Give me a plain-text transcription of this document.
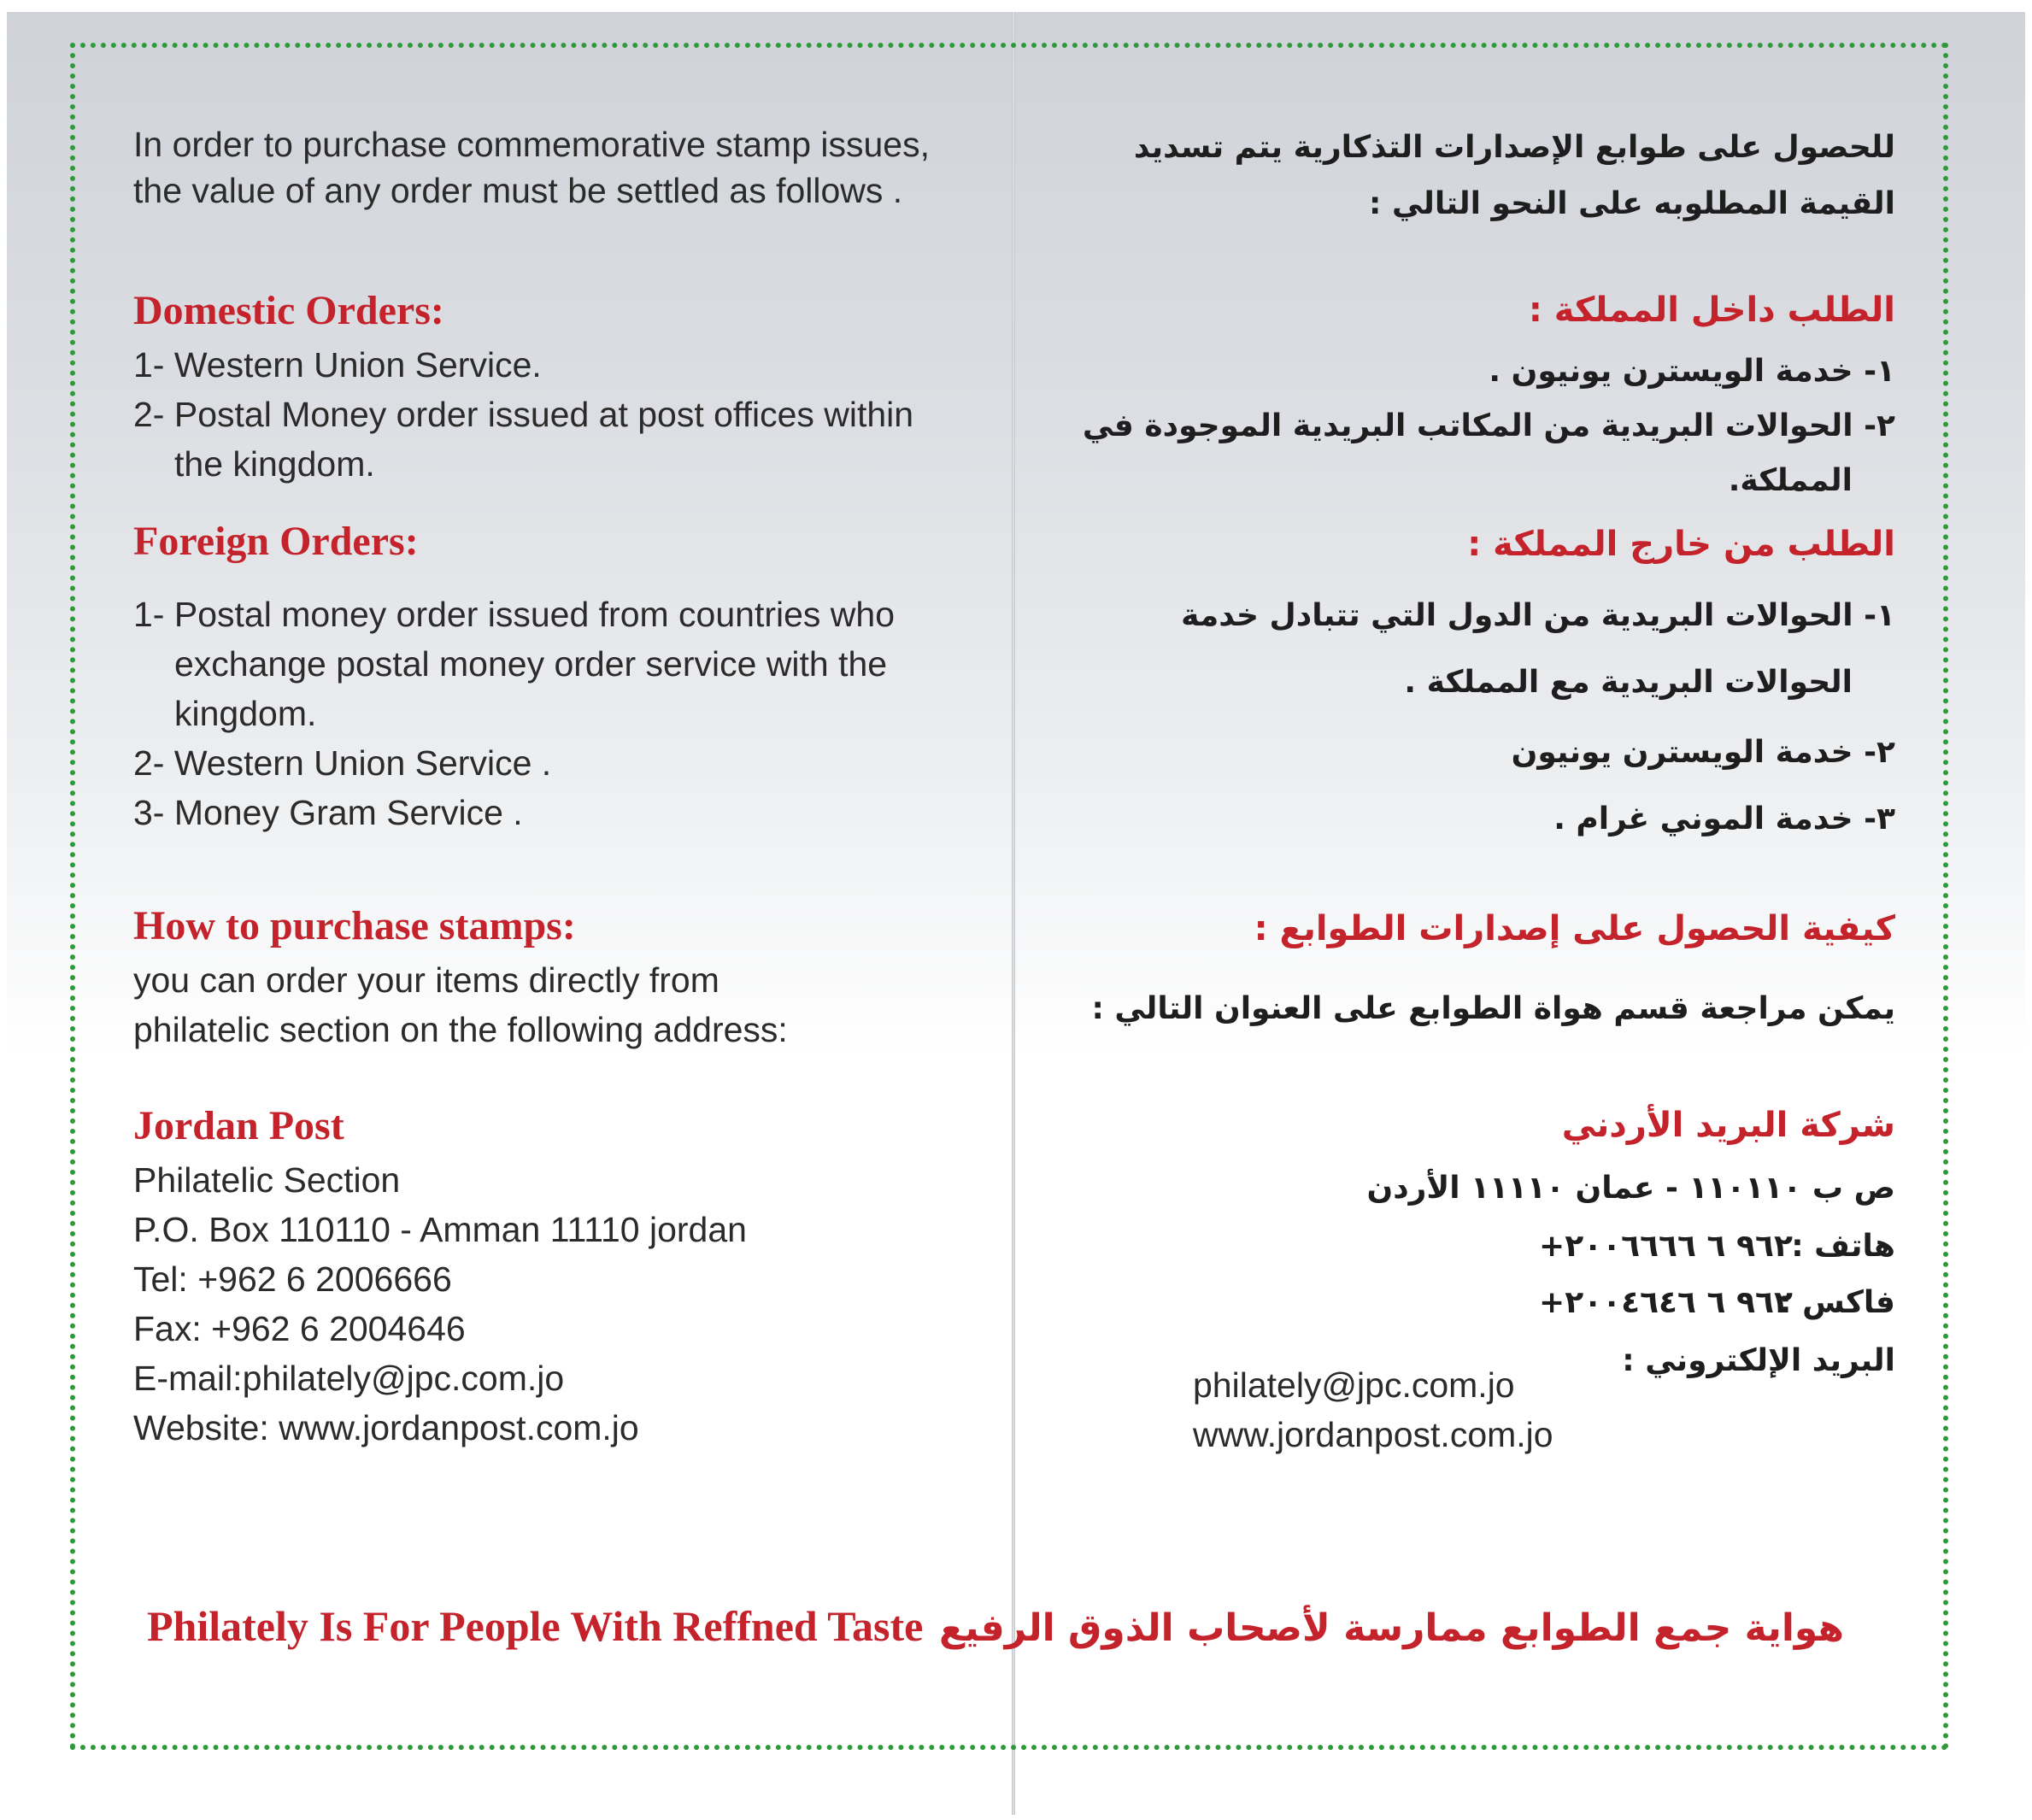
In order to purchase commemorative stamp issues,
the value of any order must be settled as follows .
Domestic Orders:
1- Western Union Service.
2- Postal Money order issued at post offices within
the kingdom.
Foreign Orders:
1- Postal money order issued from countries who
exchange postal money order service with the
kingdom.
2- Western Union Service .
3- Money Gram Service .
How to purchase stamps:
you can order your items directly from
philatelic section on the following address:
Jordan Post
Philatelic Section
P.O. Box 110110 - Amman 11110 jordan
Tel: +962 6 2006666
Fax: +962 6 2004646
E-mail:philately@jpc.com.jo
Website: www.jordanpost.com.jo
Philately Is For People With Reffned Taste
للحصول على طوابع الإصدارات التذكارية يتم تسديد
القيمة المطلوبه على النحو التالي :
الطلب داخل المملكة :
١- خدمة الويسترن يونيون .
٢- الحوالات البريدية من المكاتب البريدية الموجودة في
المملكة.
الطلب من خارج المملكة :
١- الحوالات البريدية من الدول التي تتبادل خدمة
الحوالات البريدية مع المملكة .
٢- خدمة الويسترن يونيون
٣- خدمة الموني غرام .
كيفية الحصول على إصدارات الطوابع :
يمكن مراجعة قسم هواة الطوابع على العنوان التالي :
شركة البريد الأردني
ص ب ١١٠١١٠ - عمان ١١١١٠ الأردن
هاتف :
+٩٦٢ ٦ ٢٠٠٦٦٦٦
فاكس :
+٩٦٢ ٦ ٢٠٠٤٦٤٦
البريد الإلكتروني :
philately@jpc.com.jo
www.jordanpost.com.jo
هواية جمع الطوابع ممارسة لأصحاب الذوق الرفيع
